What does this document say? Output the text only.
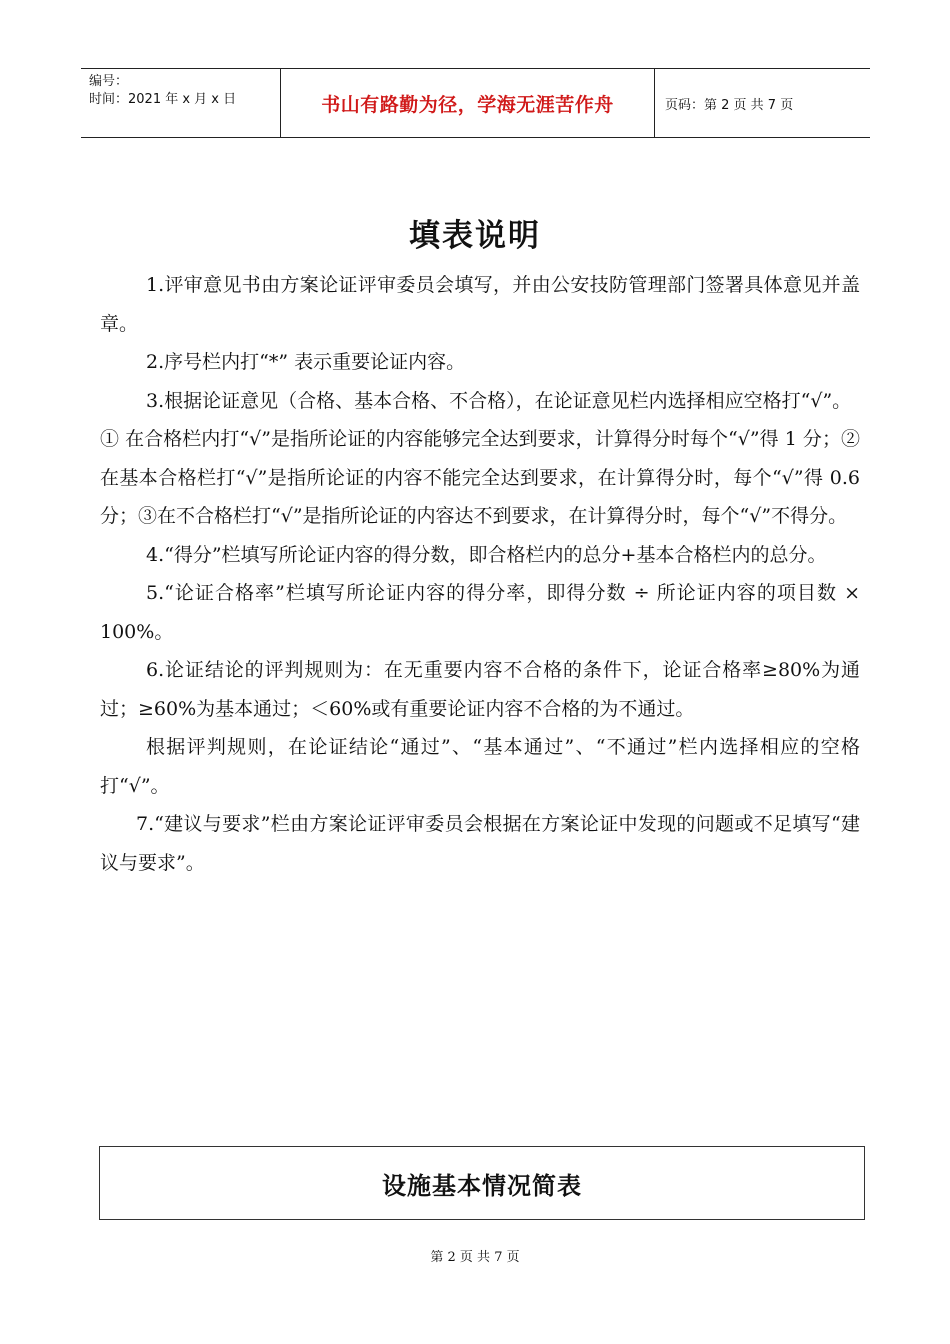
编号：
时间：2021 年 x 月 x 日	书山有路勤为径，学海无涯苦作舟	页码：第 2 页 共 7 页
填表说明

1.评审意见书由方案论证评审委员会填写，并由公安技防管理部门签署具体意见并盖章。

2.序号栏内打“*” 表示重要论证内容。

3.根据论证意见（合格、基本合格、不合格），在论证意见栏内选择相应空格打“√”。

① 在合格栏内打“√”是指所论证的内容能够完全达到要求，计算得分时每个“√”得 1 分；②在基本合格栏打“√”是指所论证的内容不能完全达到要求，在计算得分时，每个“√”得 0.6 分；③在不合格栏打“√”是指所论证的内容达不到要求，在计算得分时，每个“√”不得分。

4.“得分”栏填写所论证内容的得分数，即合格栏内的总分+基本合格栏内的总分。

5.“论证合格率”栏填写所论证内容的得分率，即得分数 ÷ 所论证内容的项目数 × 100%。

6.论证结论的评判规则为：在无重要内容不合格的条件下，论证合格率≥80%为通过；≥60%为基本通过；＜60%或有重要论证内容不合格的为不通过。

根据评判规则，在论证结论“通过”、“基本通过”、“不通过”栏内选择相应的空格打“√”。

7.“建议与要求”栏由方案论证评审委员会根据在方案论证中发现的问题或不足填写“建议与要求”。

设施基本情况简表
第 2 页 共 7 页
